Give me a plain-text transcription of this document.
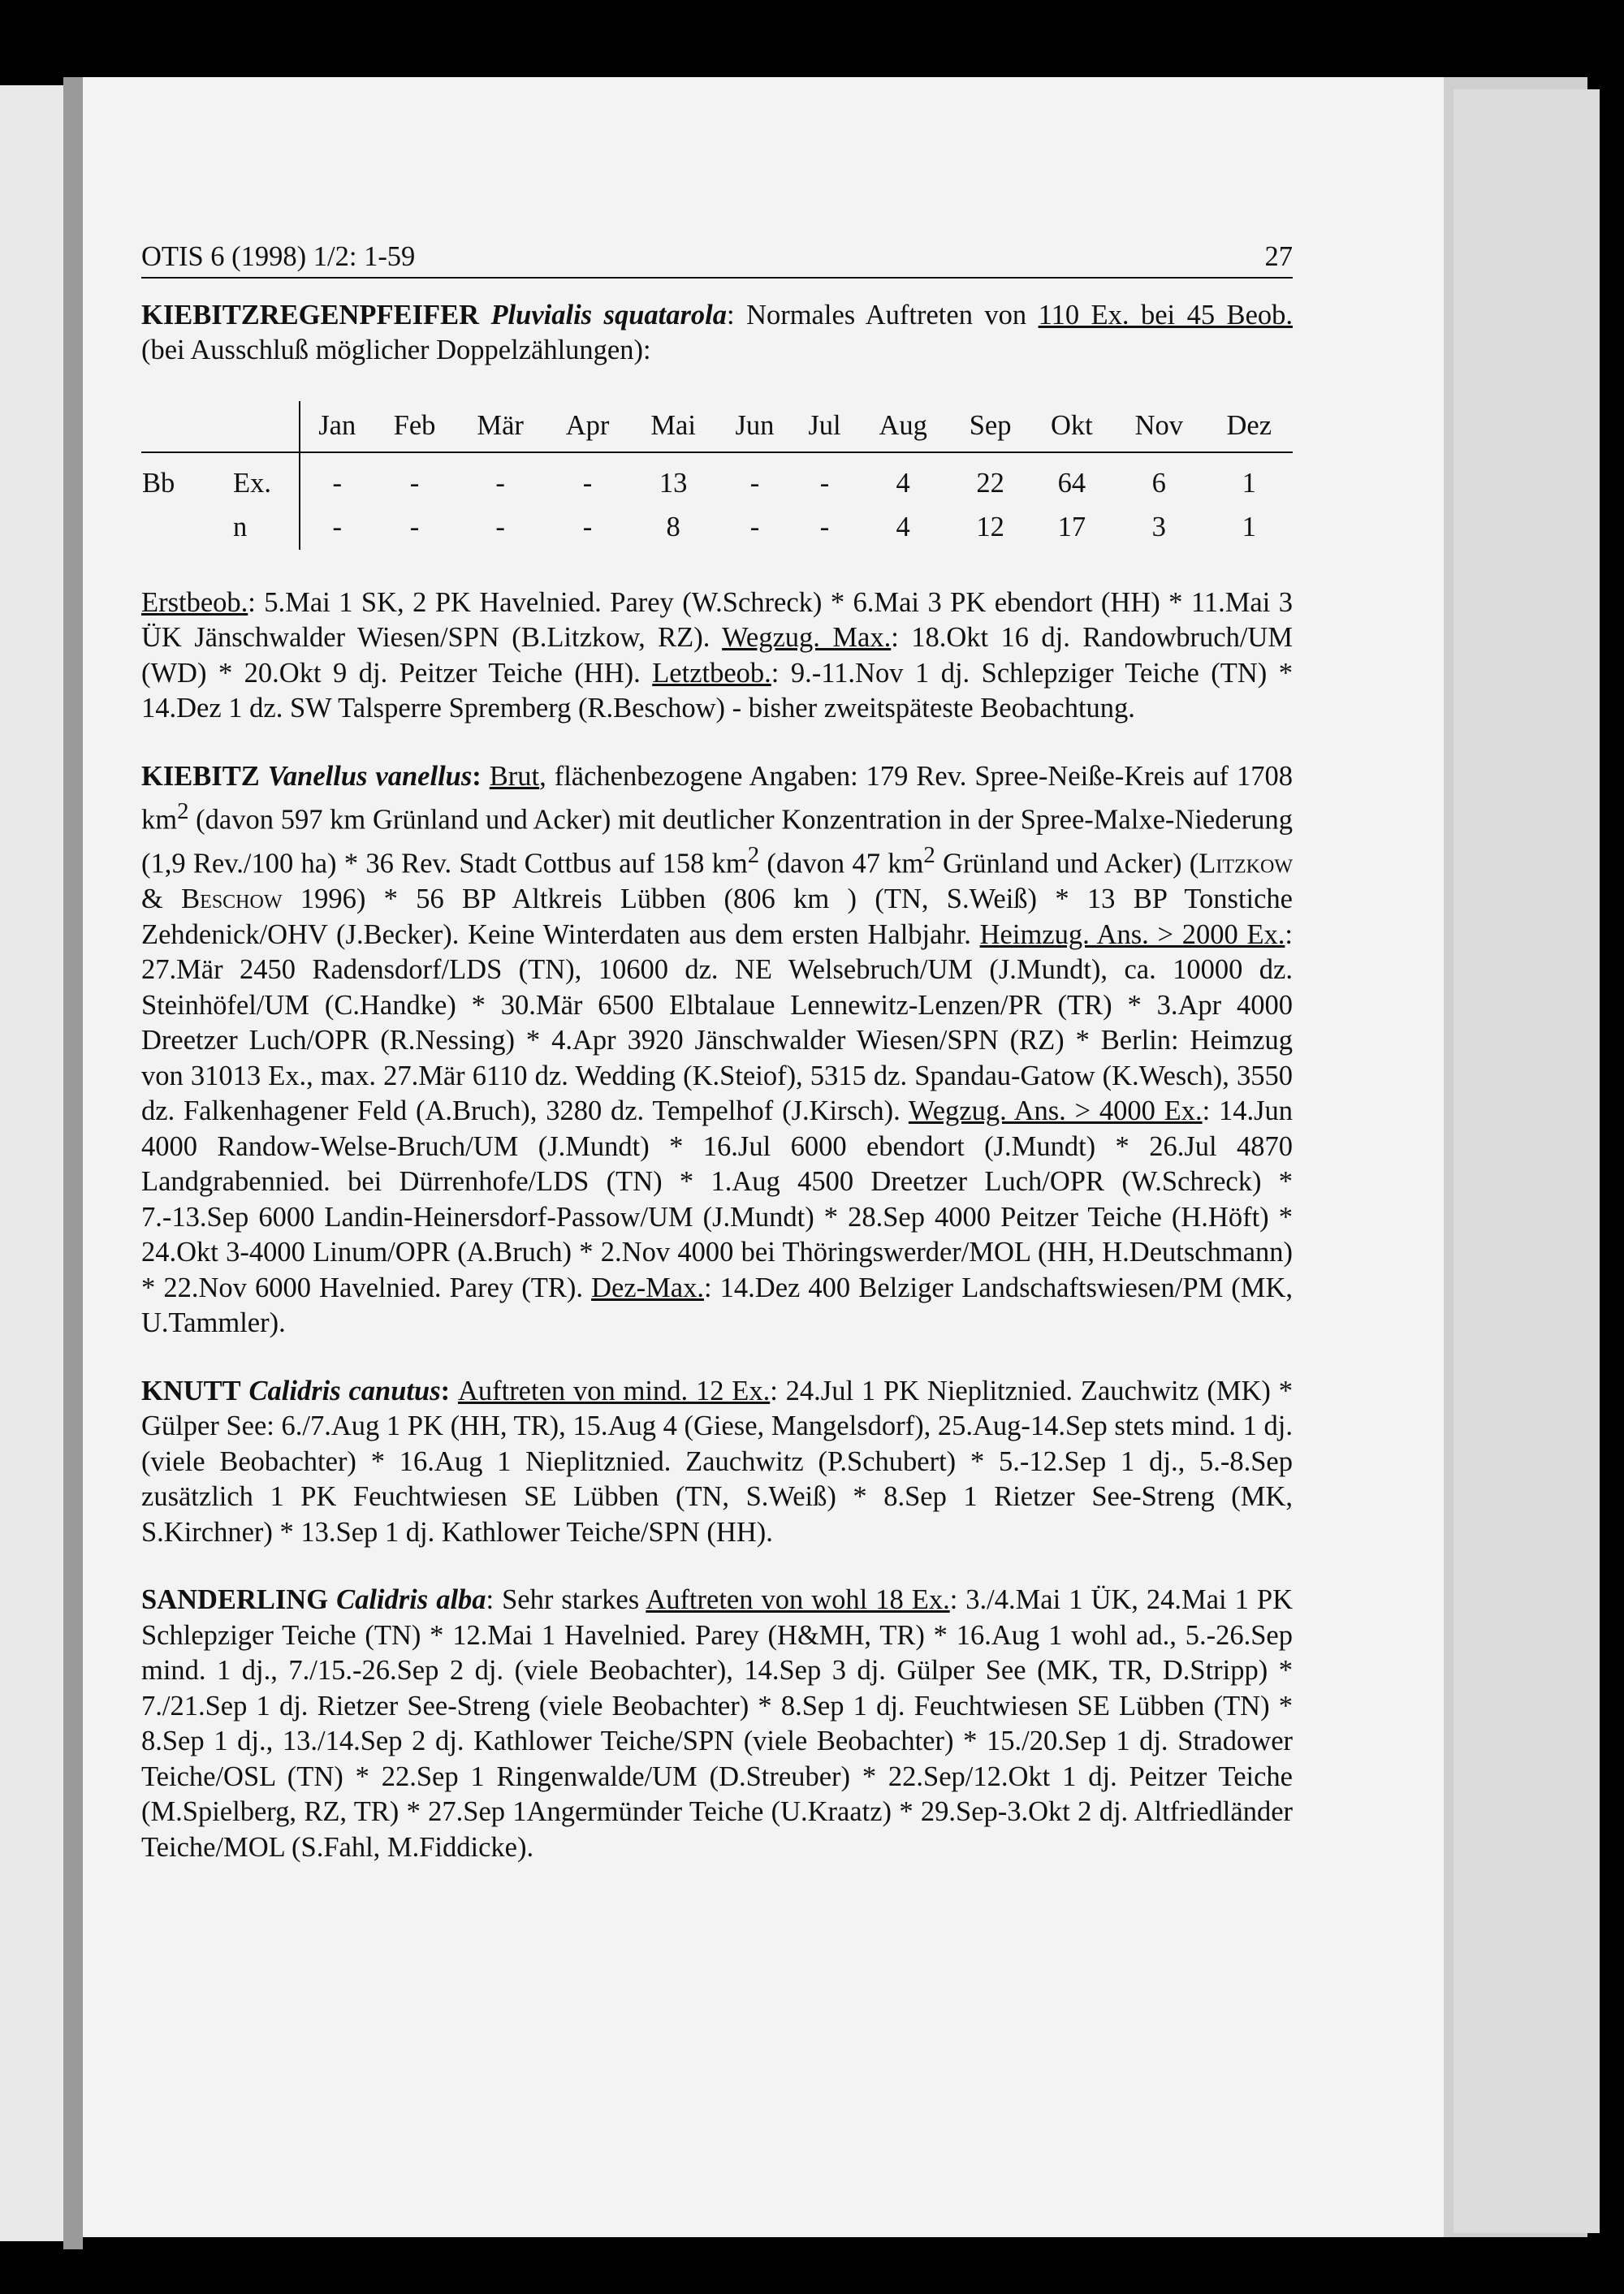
OTIS 6 (1998) 1/2: 1-59	27

KIEBITZREGENPFEIFER Pluvialis squatarola: Normales Auftreten von 110 Ex. bei 45 Beob. (bei Ausschluß möglicher Doppelzählungen):

		Jan	Feb	Mär	Apr	Mai	Jun	Jul	Aug	Sep	Okt	Nov	Dez
Bb	Ex.	-	-	-	-	13	-	-	4	22	64	6	1
	n	-	-	-	-	8	-	-	4	12	17	3	1

Erstbeob.: 5.Mai 1 SK, 2 PK Havelnied. Parey (W.Schreck) * 6.Mai 3 PK ebendort (HH) * 11.Mai 3 ÜK Jänschwalder Wiesen/SPN (B.Litzkow, RZ). Wegzug. Max.: 18.Okt 16 dj. Randowbruch/UM (WD) * 20.Okt 9 dj. Peitzer Teiche (HH). Letztbeob.: 9.-11.Nov 1 dj. Schlepziger Teiche (TN) * 14.Dez 1 dz. SW Talsperre Spremberg (R.Beschow) - bisher zweitspäteste Beobachtung.

KIEBITZ Vanellus vanellus: Brut, flächenbezogene Angaben: 179 Rev. Spree-Neiße-Kreis auf 1708 $km^2$ (davon 597 km Grünland und Acker) mit deutlicher Konzentration in der Spree-Malxe-Niederung (1,9 Rev./100 ha) * 36 Rev. Stadt Cottbus auf 158 $km^2$ (davon 47 $km^2$ Grünland und Acker) (Litzkow & Beschow 1996) * 56 BP Altkreis Lübben (806 km ) (TN, S.Weiß) * 13 BP Tonstiche Zehdenick/OHV (J.Becker). Keine Winterdaten aus dem ersten Halbjahr. Heimzug. Ans. > 2000 Ex.: 27.Mär 2450 Radensdorf/LDS (TN), 10600 dz. NE Welsebruch/UM (J.Mundt), ca. 10000 dz. Steinhöfel/UM (C.Handke) * 30.Mär 6500 Elbtalaue Lennewitz-Lenzen/PR (TR) * 3.Apr 4000 Dreetzer Luch/OPR (R.Nessing) * 4.Apr 3920 Jänschwalder Wiesen/SPN (RZ) * Berlin: Heimzug von 31013 Ex., max. 27.Mär 6110 dz. Wedding (K.Steiof), 5315 dz. Spandau-Gatow (K.Wesch), 3550 dz. Falkenhagener Feld (A.Bruch), 3280 dz. Tempelhof (J.Kirsch). Wegzug. Ans. > 4000 Ex.: 14.Jun 4000 Randow-Welse-Bruch/UM (J.Mundt) * 16.Jul 6000 ebendort (J.Mundt) * 26.Jul 4870 Landgrabennied. bei Dürrenhofe/LDS (TN) * 1.Aug 4500 Dreetzer Luch/OPR (W.Schreck) * 7.-13.Sep 6000 Landin-Heinersdorf-Passow/UM (J.Mundt) * 28.Sep 4000 Peitzer Teiche (H.Höft) * 24.Okt 3-4000 Linum/OPR (A.Bruch) * 2.Nov 4000 bei Thöringswerder/MOL (HH, H.Deutschmann) * 22.Nov 6000 Havelnied. Parey (TR). Dez-Max.: 14.Dez 400 Belziger Landschaftswiesen/PM (MK, U.Tammler).

KNUTT Calidris canutus: Auftreten von mind. 12 Ex.: 24.Jul 1 PK Nieplitznied. Zauchwitz (MK) * Gülper See: 6./7.Aug 1 PK (HH, TR), 15.Aug 4 (Giese, Mangelsdorf), 25.Aug-14.Sep stets mind. 1 dj. (viele Beobachter) * 16.Aug 1 Nieplitznied. Zauchwitz (P.Schubert) * 5.-12.Sep 1 dj., 5.-8.Sep zusätzlich 1 PK Feuchtwiesen SE Lübben (TN, S.Weiß) * 8.Sep 1 Rietzer See-Streng (MK, S.Kirchner) * 13.Sep 1 dj. Kathlower Teiche/SPN (HH).

SANDERLING Calidris alba: Sehr starkes Auftreten von wohl 18 Ex.: 3./4.Mai 1 ÜK, 24.Mai 1 PK Schlepziger Teiche (TN) * 12.Mai 1 Havelnied. Parey (H&MH, TR) * 16.Aug 1 wohl ad., 5.-26.Sep mind. 1 dj., 7./15.-26.Sep 2 dj. (viele Beobachter), 14.Sep 3 dj. Gülper See (MK, TR, D.Stripp) * 7./21.Sep 1 dj. Rietzer See-Streng (viele Beobachter) * 8.Sep 1 dj. Feuchtwiesen SE Lübben (TN) * 8.Sep 1 dj., 13./14.Sep 2 dj. Kathlower Teiche/SPN (viele Beobachter) * 15./20.Sep 1 dj. Stradower Teiche/OSL (TN) * 22.Sep 1 Ringenwalde/UM (D.Streuber) * 22.Sep/12.Okt 1 dj. Peitzer Teiche (M.Spielberg, RZ, TR) * 27.Sep 1Angermünder Teiche (U.Kraatz) * 29.Sep-3.Okt 2 dj. Altfriedländer Teiche/MOL (S.Fahl, M.Fiddicke).
